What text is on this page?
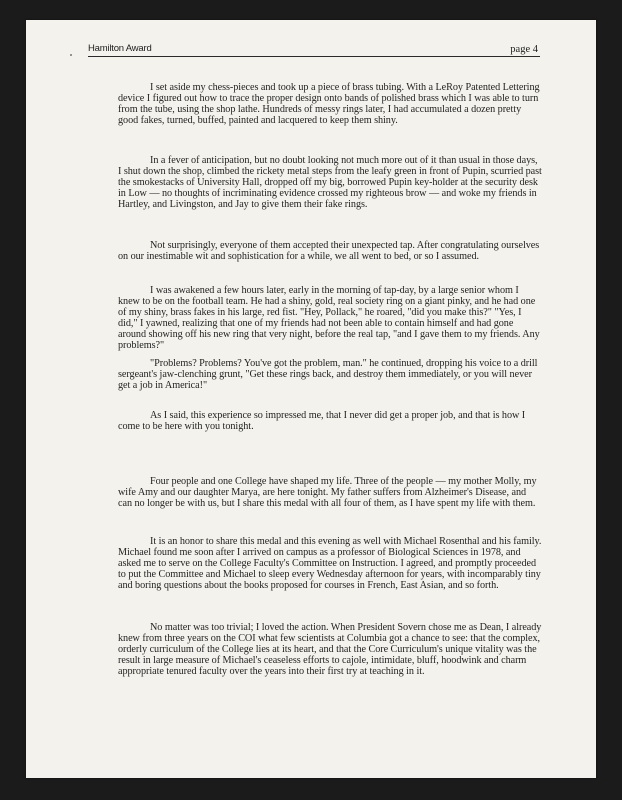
Hamilton Award	page 4

I set aside my chess-pieces and took up a piece of brass tubing. With a LeRoy Patented Lettering device I figured out how to trace the proper design onto bands of polished brass which I was able to turn from the tube, using the shop lathe. Hundreds of messy rings later, I had accumulated a dozen pretty good fakes, turned, buffed, painted and lacquered to keep them shiny.

In a fever of anticipation, but no doubt looking not much more out of it than usual in those days, I shut down the shop, climbed the rickety metal steps from the leafy green in front of Pupin, scurried past the smokestacks of University Hall, dropped off my big, borrowed Pupin key-holder at the security desk in Low — no thoughts of incriminating evidence crossed my righteous brow — and woke my friends in Hartley, and Livingston, and Jay to give them their fake rings.

Not surprisingly, everyone of them accepted their unexpected tap. After congratulating ourselves on our inestimable wit and sophistication for a while, we all went to bed, or so I assumed.

I was awakened a few hours later, early in the morning of tap-day, by a large senior whom I knew to be on the football team. He had a shiny, gold, real society ring on a giant pinky, and he had one of my shiny, brass fakes in his large, red fist. "Hey, Pollack," he roared, "did you make this?" "Yes, I did," I yawned, realizing that one of my friends had not been able to contain himself and had gone around showing off his new ring that very night, before the real tap, "and I gave them to my friends. Any problems?"

"Problems? Problems? You've got the problem, man." he continued, dropping his voice to a drill sergeant's jaw-clenching grunt, "Get these rings back, and destroy them immediately, or you will never get a job in America!"

As I said, this experience so impressed me, that I never did get a proper job, and that is how I come to be here with you tonight.

Four people and one College have shaped my life. Three of the people — my mother Molly, my wife Amy and our daughter Marya, are here tonight. My father suffers from Alzheimer's Disease, and can no longer be with us, but I share this medal with all four of them, as I have spent my life with them.

It is an honor to share this medal and this evening as well with Michael Rosenthal and his family. Michael found me soon after I arrived on campus as a professor of Biological Sciences in 1978, and asked me to serve on the College Faculty's Committee on Instruction. I agreed, and promptly proceeded to put the Committee and Michael to sleep every Wednesday afternoon for years, with incomparably tiny and boring questions about the books proposed for courses in French, East Asian, and so forth.

No matter was too trivial; I loved the action. When President Sovern chose me as Dean, I already knew from three years on the COI what few scientists at Columbia got a chance to see: that the complex, orderly curriculum of the College lies at its heart, and that the Core Curriculum's unique vitality was the result in large measure of Michael's ceaseless efforts to cajole, intimidate, bluff, hoodwink and charm appropriate tenured faculty over the years into their first try at teaching in it.
